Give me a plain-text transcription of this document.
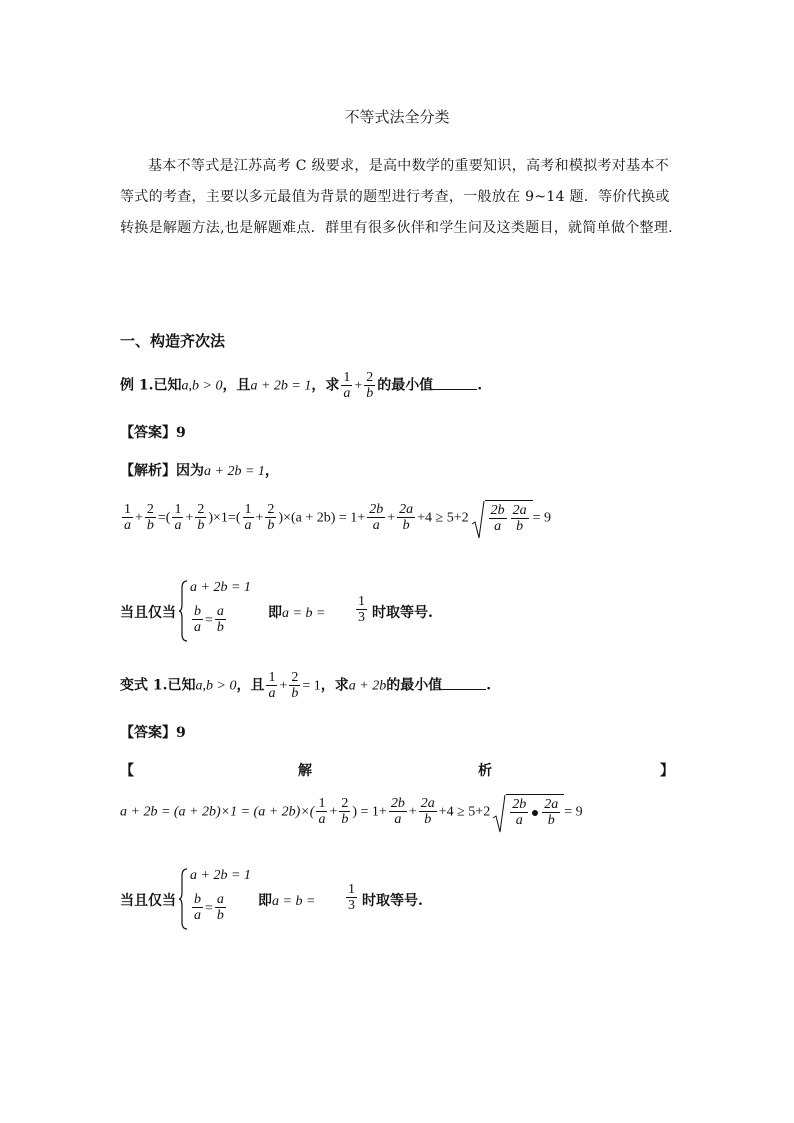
不等式法全分类
基本不等式是江苏高考 C 级要求，是高中数学的重要知识，高考和模拟考对基本不等式的考查，主要以多元最值为背景的题型进行考查，一般放在 9~14 题．等价代换或转换是解题方法,也是解题难点．群里有很多伙伴和学生问及这类题目，就简单做个整理.
一、构造齐次法
例 1.已知a,b > 0，且a + 2b = 1，求 $\frac{1}{a} + \frac{2}{b}$ 的最小值	.
【答案】9
【解析】因为a + 2b = 1，
$\frac{1}{a} + \frac{2}{b}$ =( $\frac{1}{a} + \frac{2}{b} )\times 1=( \frac{1}{a} + \frac{2}{b} )\times(a + 2b) = 1+ \frac{2b}{a} + \frac{2a}{b} +4 \ge 5+2 \frac{2b}{a} \frac{2a}{b} = 9$
当且仅当
a + 2b = 1
$\frac{b}{a} = \frac{a}{b}$	即$a = b = \frac{1}{3}$ 时取等号.
变式 1.已知a,b > 0，且 $\frac{1}{a} + \frac{2}{b} = 1$，求a + 2b的最小值	.
【答案】9
【	解	析	】
$a + 2b = (a + 2b)\times 1 = (a + 2b)\times( \frac{1}{a} + \frac{2}{b}$ ) = $1+ \frac{2b}{a} + \frac{2a}{b} +4 \ge 5+2 \frac{2b}{a} \frac{2a}{b} = 9$
当且仅当
a + 2b = 1
$\frac{b}{a} = \frac{a}{b}$ 即$a = b = \frac{1}{3}$ 时取等号.
